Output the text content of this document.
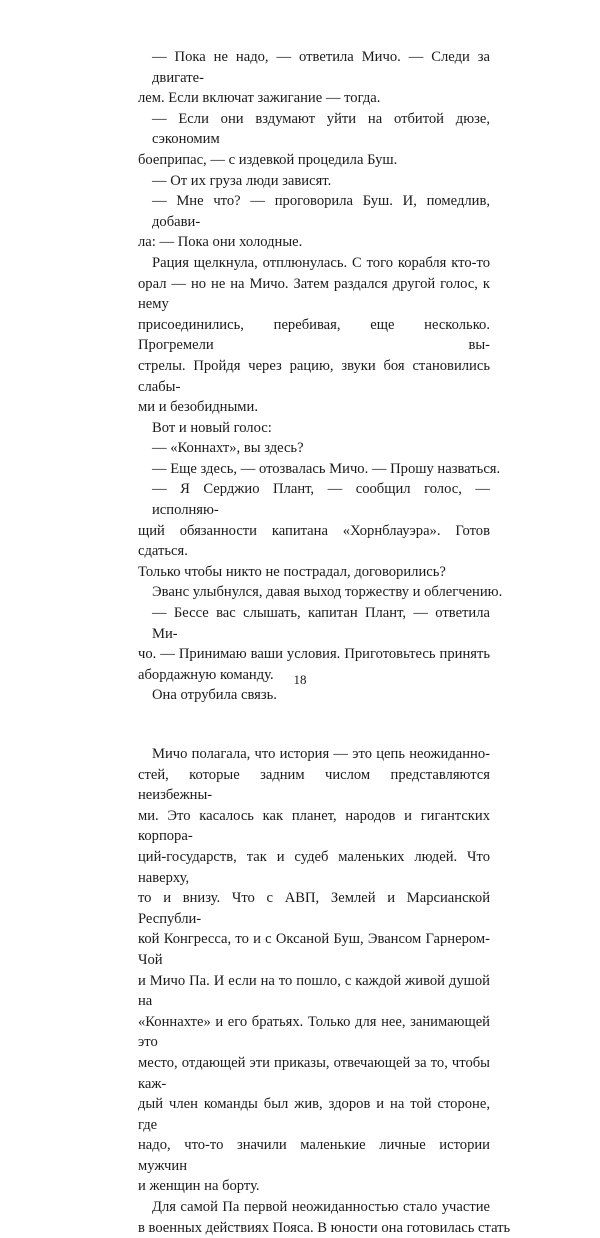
— Пока не надо, — ответила Мичо. — Следи за двигате-
лем. Если включат зажигание — тогда.
— Если они вздумают уйти на отбитой дюзе, сэкономим
боеприпас, — с издевкой процедила Буш.
— От их груза люди зависят.
— Мне что? — проговорила Буш. И, помедлив, добави-
ла: — Пока они холодные.
Рация щелкнула, отплюнулась. С того корабля кто-то
орал — но не на Мичо. Затем раздался другой голос, к нему
присоединились, перебивая, еще несколько. Прогремели вы-
стрелы. Пройдя через рацию, звуки боя становились слабы-
ми и безобидными.
Вот и новый голос:
— «Коннахт», вы здесь?
— Еще здесь, — отозвалась Мичо. — Прошу назваться.
— Я Серджио Плант, — сообщил голос, — исполняю-
щий обязанности капитана «Хорнблауэра». Готов сдаться.
Только чтобы никто не пострадал, договорились?
Эванс улыбнулся, давая выход торжеству и облегчению.
— Бессе вас слышать, капитан Плант, — ответила Ми-
чо. — Принимаю ваши условия. Приготовьтесь принять
абордажную команду.
Она отрубила связь.
Мичо полагала, что история — это цепь неожиданно-
стей, которые задним числом представляются неизбежны-
ми. Это касалось как планет, народов и гигантских корпора-
ций-государств, так и судеб маленьких людей. Что наверху,
то и внизу. Что с АВП, Землей и Марсианской Республи-
кой Конгресса, то и с Оксаной Буш, Эвансом Гарнером-Чой
и Мичо Па. И если на то пошло, с каждой живой душой на
«Коннахте» и его братьях. Только для нее, занимающей это
место, отдающей эти приказы, отвечающей за то, чтобы каж-
дый член команды был жив, здоров и на той стороне, где
надо, что-то значили маленькие личные истории мужчин
и женщин на борту.
Для самой Па первой неожиданностью стало участие
в военных действиях Пояса. В юности она готовилась стать
18
